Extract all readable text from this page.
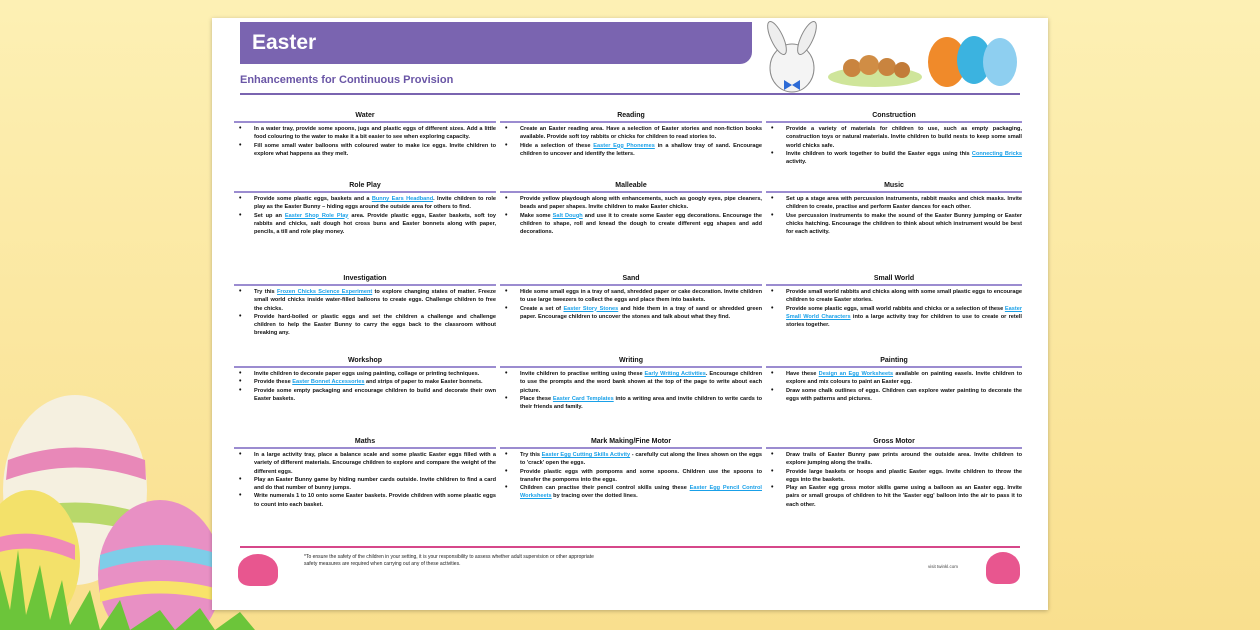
Easter
Enhancements for Continuous Provision
Water
• In a water tray, provide some spoons, jugs and plastic eggs of different sizes. Add a little food colouring to the water to make it a bit easier to see when exploring capacity.
• Fill some small water balloons with coloured water to make ice eggs. Invite children to explore what happens as they melt.
Reading
• Create an Easter reading area. Have a selection of Easter stories and non-fiction books available. Provide soft toy rabbits or chicks for children to read stories to.
• Hide a selection of these Easter Egg Phonemes in a shallow tray of sand. Encourage children to uncover and identify the letters.
Construction
• Provide a variety of materials for children to use, such as empty packaging, construction toys or natural materials. Invite children to build nests to keep some small world chicks safe.
• Invite children to work together to build the Easter eggs using this Connecting Bricks activity.
Role Play
• Provide some plastic eggs, baskets and a Bunny Ears Headband. Invite children to role play as the Easter Bunny – hiding eggs around the outside area for others to find.
• Set up an Easter Shop Role Play area. Provide plastic eggs, Easter baskets, soft toy rabbits and chicks, salt dough hot cross buns and Easter bonnets along with paper, pencils, a till and role play money.
Malleable
• Provide yellow playdough along with enhancements, such as googly eyes, pipe cleaners, beads and paper shapes. Invite children to make Easter chicks.
• Make some Salt Dough and use it to create some Easter egg decorations. Encourage the children to shape, roll and knead the dough to create different egg shapes and add decorations.
Music
• Set up a stage area with percussion instruments, rabbit masks and chick masks. Invite children to create, practise and perform Easter dances for each other.
• Use percussion instruments to make the sound of the Easter Bunny jumping or Easter chicks hatching. Encourage the children to think about which instrument would be best for each activity.
Investigation
• Try this Frozen Chicks Science Experiment to explore changing states of matter. Freeze small world chicks inside water-filled balloons to create eggs. Challenge children to free the chicks.
• Provide hard-boiled or plastic eggs and set the children a challenge and challenge children to help the Easter Bunny to carry the eggs back to the classroom without breaking any.
Sand
• Hide some small eggs in a tray of sand, shredded paper or cake decoration. Invite children to use large tweezers to collect the eggs and place them into baskets.
• Create a set of Easter Story Stones and hide them in a tray of sand or shredded green paper. Encourage children to uncover the stones and talk about what they find.
Small World
• Provide small world rabbits and chicks along with some small plastic eggs to encourage children to create Easter stories.
• Provide some plastic eggs, small world rabbits and chicks or a selection of these Easter Small World Characters into a large activity tray for children to use to create or retell stories together.
Workshop
• Invite children to decorate paper eggs using painting, collage or printing techniques.
• Provide these Easter Bonnet Accessories and strips of paper to make Easter bonnets.
• Provide some empty packaging and encourage children to build and decorate their own Easter baskets.
Writing
• Invite children to practise writing using these Early Writing Activities. Encourage children to use the prompts and the word bank shown at the top of the page to write about each picture.
• Place these Easter Card Templates into a writing area and invite children to write cards to their friends and family.
Painting
• Have these Design an Egg Worksheets available on painting easels. Invite children to explore and mix colours to paint an Easter egg.
• Draw some chalk outlines of eggs. Children can explore water painting to decorate the eggs with patterns and pictures.
Maths
• In a large activity tray, place a balance scale and some plastic Easter eggs filled with a variety of different materials. Encourage children to explore and compare the weight of the different eggs.
• Play an Easter Bunny game by hiding number cards outside. Invite children to find a card and do that number of bunny jumps.
• Write numerals 1 to 10 onto some Easter baskets. Provide children with some plastic eggs to count into each basket.
Mark Making/Fine Motor
• Try this Easter Egg Cutting Skills Activity - carefully cut along the lines shown on the eggs to 'crack' open the eggs.
• Provide plastic eggs with pompoms and some spoons. Children use the spoons to transfer the pompoms into the eggs.
• Children can practise their pencil control skills using these Easter Egg Pencil Control Worksheets by tracing over the dotted lines.
Gross Motor
• Draw trails of Easter Bunny paw prints around the outside area. Invite children to explore jumping along the trails.
• Provide large baskets or hoops and plastic Easter eggs. Invite children to throw the eggs into the baskets.
• Play an Easter egg gross motor skills game using a balloon as an Easter egg. Invite pairs or small groups of children to hit the 'Easter egg' balloon into the air to pass it to each other.
*To ensure the safety of the children in your setting, it is your responsibility to assess whether adult supervision or other appropriate safety measures are required when carrying out any of these activities.	visit twinkl.com
